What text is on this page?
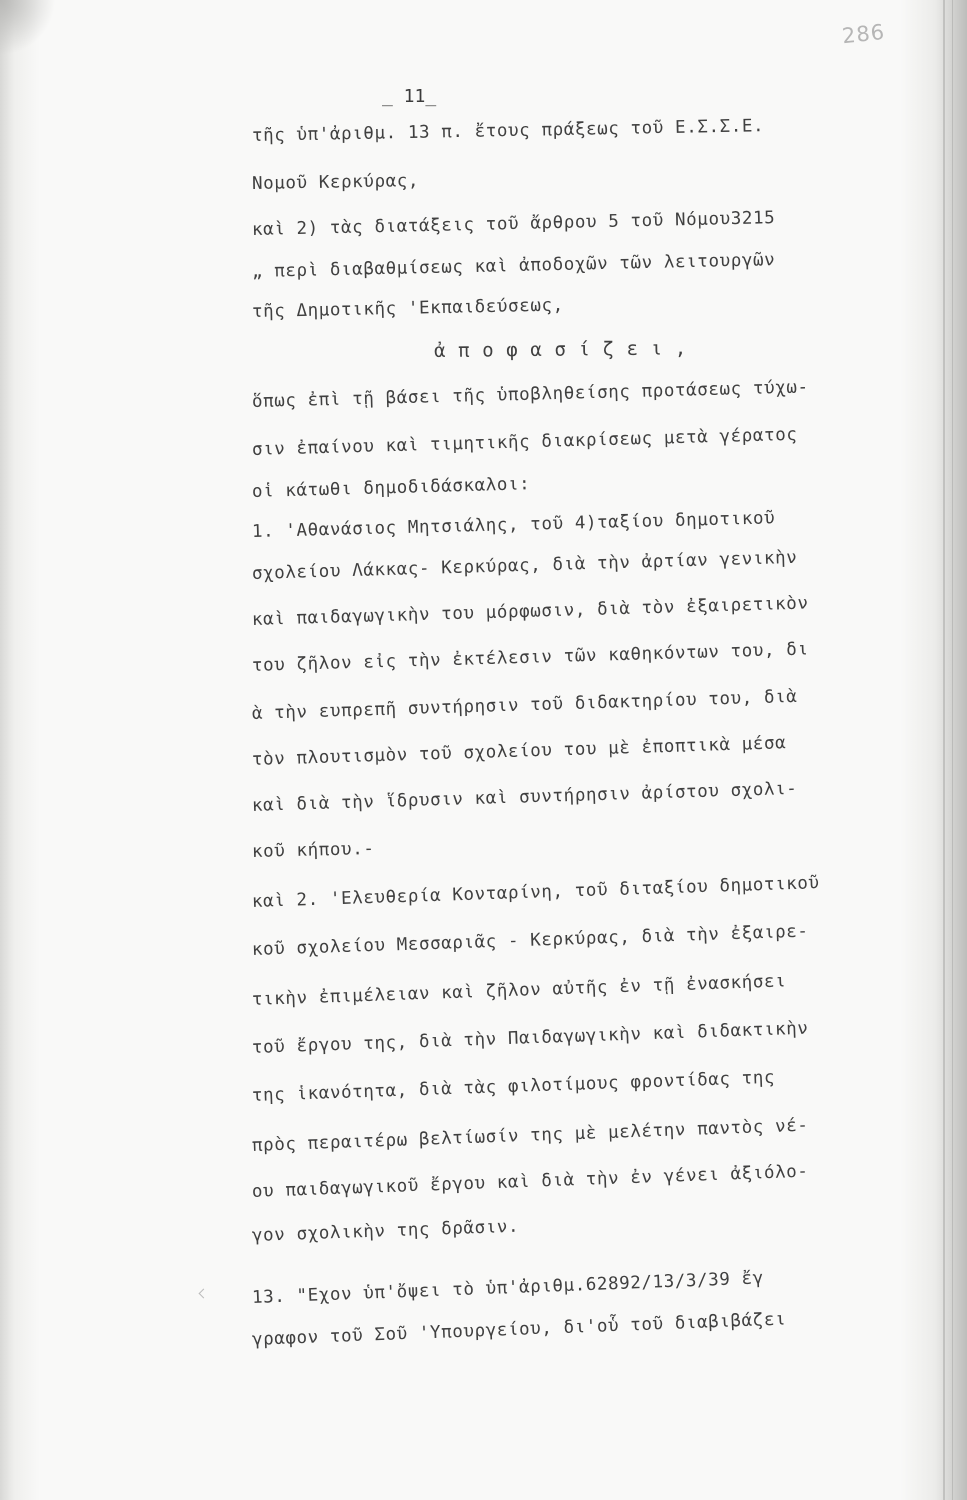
286
_ 11_
τῆς ὑπ'ἀριθμ. 13 π. ἔτους πράξεως τοῦ Ε.Σ.Σ.Ε.
Νομοῦ Κερκύρας,
καὶ 2) τὰς διατάξεις τοῦ ἄρθρου 5 τοῦ Νόμου3215
„ περὶ διαβαθμίσεως καὶ ἀποδοχῶν τῶν λειτουργῶν
τῆς Δημοτικῆς 'Εκπαιδεύσεως,
ἀ π ο φ α σ ί ζ ε ι ,
ὅπως ἐπὶ τῇ βάσει τῆς ὑποβληθείσης προτάσεως τύχω-
σιν ἐπαίνου καὶ τιμητικῆς διακρίσεως μετὰ γέρατος
οἱ κάτωθι δημοδιδάσκαλοι:
1. 'Αθανάσιος Μητσιάλης, τοῦ 4)ταξίου δημοτικοῦ
σχολείου Λάκκας- Κερκύρας, διὰ τὴν ἀρτίαν γενικὴν
καὶ παιδαγωγικὴν του μόρφωσιν, διὰ τὸν ἐξαιρετικὸν
του ζῆλον εἰς τὴν ἐκτέλεσιν τῶν καθηκόντων του, δι
ὰ τὴν ευπρεπῆ συντήρησιν τοῦ διδακτηρίου του, διὰ
τὸν πλουτισμὸν τοῦ σχολείου του μὲ ἐποπτικὰ μέσα
καὶ διὰ τὴν ἵδρυσιν καὶ συντήρησιν ἀρίστου σχολι-
κοῦ κήπου.-
καὶ 2. 'Ελευθερία Κονταρίνη, τοῦ διταξίου δημοτικοῦ
κοῦ σχολείου Μεσσαριᾶς - Κερκύρας, διὰ τὴν ἐξαιρε-
τικὴν ἐπιμέλειαν καὶ ζῆλον αὐτῆς ἐν τῇ ἐνασκήσει
τοῦ ἔργου της, διὰ τὴν Παιδαγωγικὴν καὶ διδακτικὴν
της ἱκανότητα, διὰ τὰς φιλοτίμους φροντίδας της
πρὸς περαιτέρω βελτίωσίν της μὲ μελέτην παντὸς νέ-
ου παιδαγωγικοῦ ἔργου καὶ διὰ τὴν ἐν γένει ἀξιόλο-
γον σχολικὴν της δρᾶσιν.
13. "Εχον ὑπ'ὄψει τὸ ὑπ'ἀριθμ.62892/13/3/39 ἔγ
γραφον τοῦ Σοῦ 'Υπουργείου, δι'οὗ τοῦ διαβιβάζει
